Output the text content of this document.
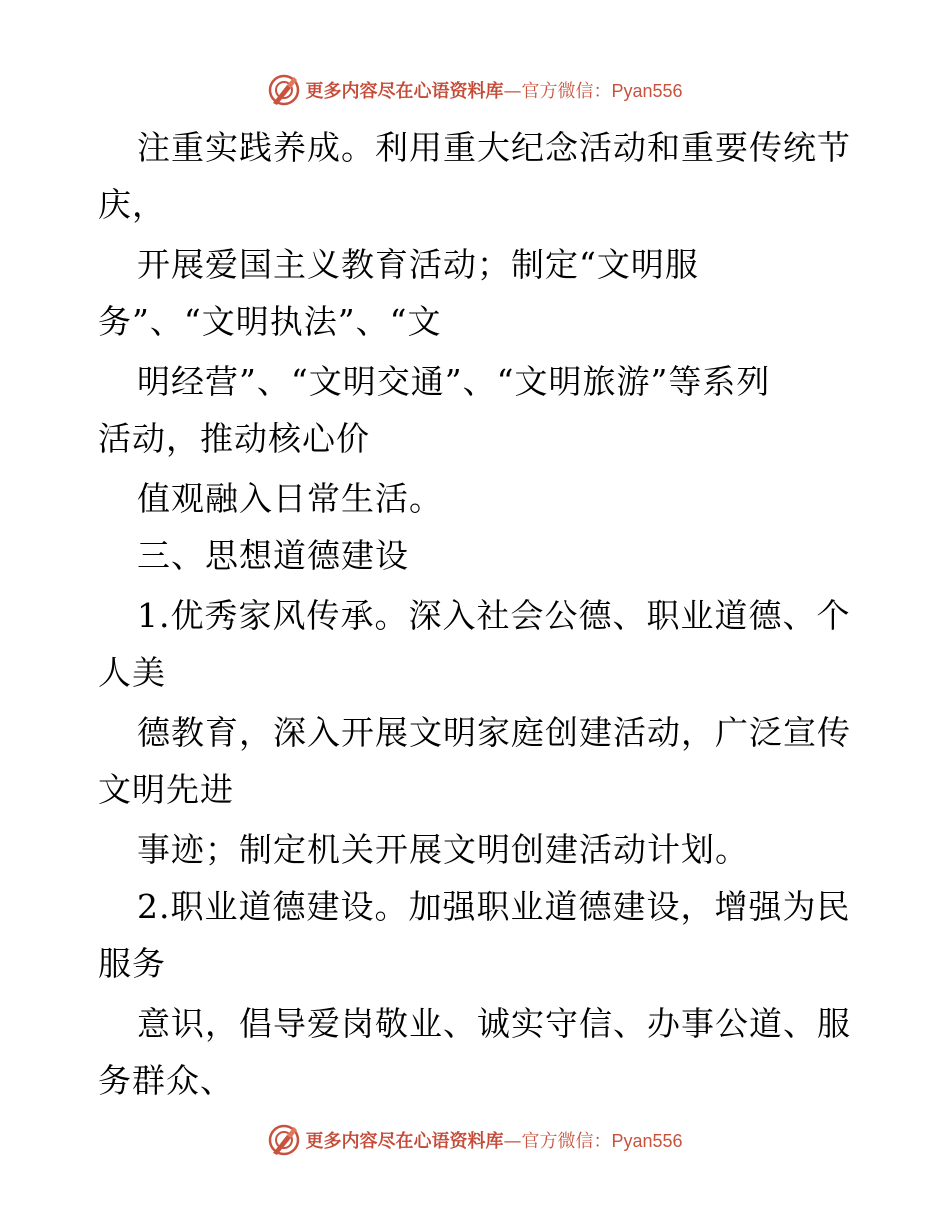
更多内容尽在心语资料库—官方微信：Pyan556
注重实践养成。利用重大纪念活动和重要传统节
庆，
开展爱国主义教育活动；制定“文明服
务”、“文明执法”、“文
明经营”、“文明交通”、“文明旅游”等系列
活动，推动核心价
值观融入日常生活。
三、思想道德建设
1.优秀家风传承。深入社会公德、职业道德、个
人美
德教育，深入开展文明家庭创建活动，广泛宣传
文明先进
事迹；制定机关开展文明创建活动计划。
2.职业道德建设。加强职业道德建设，增强为民
服务
意识，倡导爱岗敬业、诚实守信、办事公道、服
务群众、
更多内容尽在心语资料库—官方微信：Pyan556
